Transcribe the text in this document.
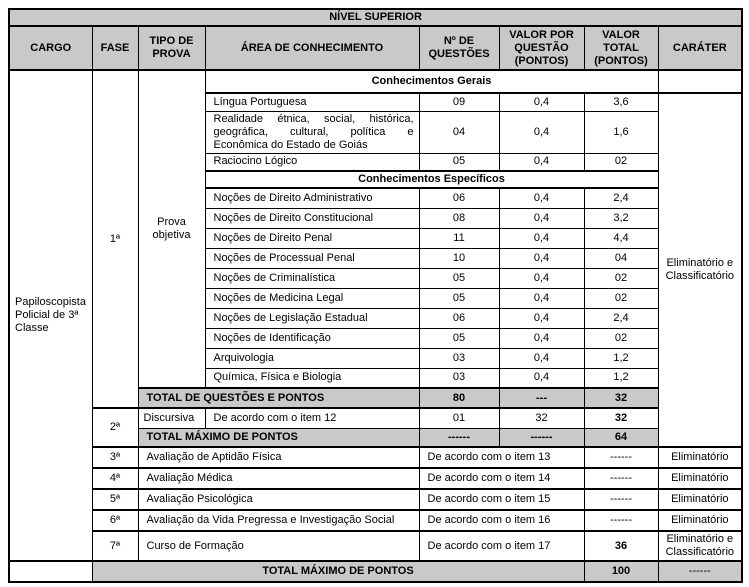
NÍVEL SUPERIOR							
CARGO	FASE	TIPO DE PROVA	ÁREA DE CONHECIMENTO	Nº DE QUESTÕES	VALOR POR QUESTÃO (PONTOS)	VALOR TOTAL (PONTOS)	CARÁTER
Papiloscopista Policial de 3ª Classe	1ª	Prova objetiva	Conhecimentos Gerais				
			Língua Portuguesa	09	0,4	3,6	Eliminatório e Classificatório
			Realidade étnica, social, histórica, geográfica, cultural, política e Econômica do Estado de Goiás	04	0,4	1,6	
			Raciocino Lógico	05	0,4	02	
			Conhecimentos Específicos				
			Noções de Direito Administrativo	06	0,4	2,4	
			Noções de Direito Constitucional	08	0,4	3,2	
			Noções de Direito Penal	11	0,4	4,4	
			Noções de Processual Penal	10	0,4	04	
			Noções de Criminalística	05	0,4	02	
			Noções de Medicina Legal	05	0,4	02	
			Noções de Legislação Estadual	06	0,4	2,4	
			Noções de Identificação	05	0,4	02	
			Arquivologia	03	0,4	1,2	
			Química, Física e Biologia	03	0,4	1,2	
		TOTAL DE QUESTÕES E PONTOS		80	---	32	
	2ª	Discursiva	De acordo com o item 12	01	32	32	
		TOTAL MÁXIMO DE PONTOS		------	------	64	
	3ª	Avaliação de Aptidão Física		De acordo com o item 13		------	Eliminatório
	4ª	Avaliação Médica		De acordo com o item 14		------	Eliminatório
	5ª	Avaliação Psicológica		De acordo com o item 15		------	Eliminatório
	6ª	Avaliação da Vida Pregressa e Investigação Social		De acordo com o item 16		------	Eliminatório
	7ª	Curso de Formação		De acordo com o item 17		36	Eliminatório e Classificatório
	TOTAL MÁXIMO DE PONTOS					100	------
